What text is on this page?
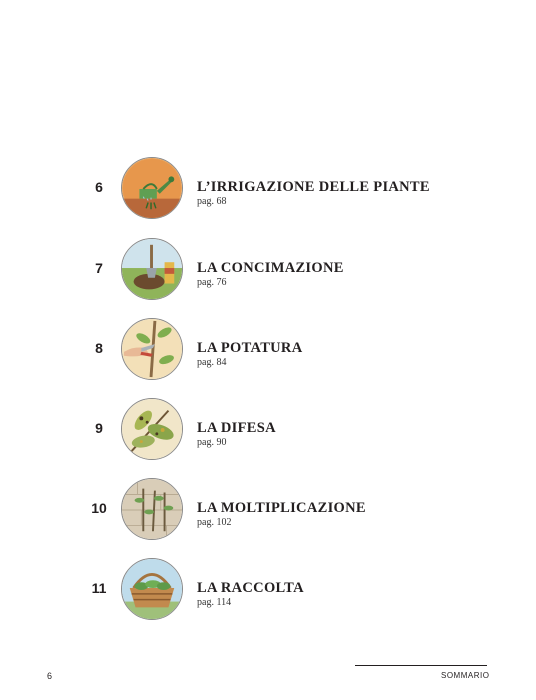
6	L’IRRIGAZIONE DELLE PIANTE
pag. 68
7	LA CONCIMAZIONE
pag. 76
8	LA POTATURA
pag. 84
9	LA DIFESA
pag. 90
10	LA MOLTIPLICAZIONE
pag. 102
11	LA RACCOLTA
pag. 114
6	SOMMARIO
